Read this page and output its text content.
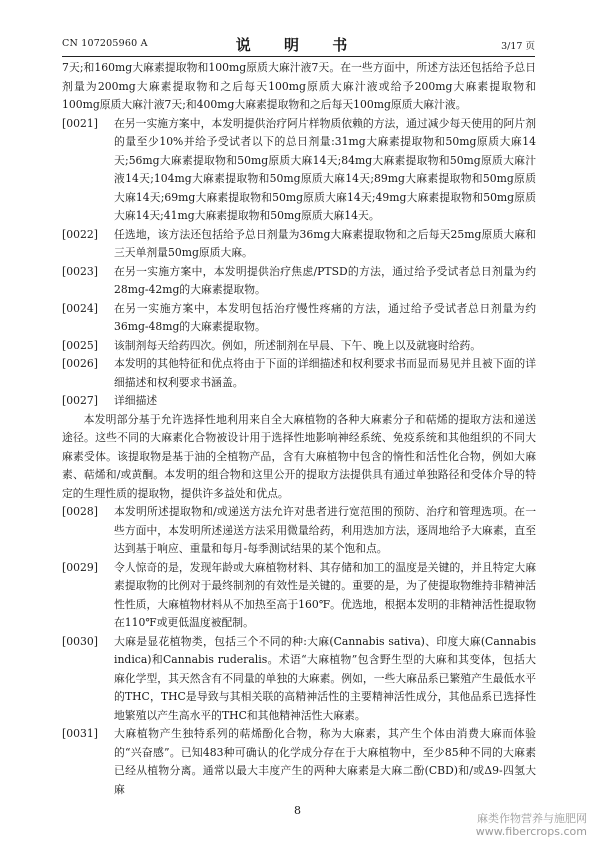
CN 107205960 A	说 明 书	3/17 页

7天;和160mg大麻素提取物和100mg原质大麻汁液7天。在一些方面中，所述方法还包括给予总日剂量为200mg大麻素提取物和之后每天100mg原质大麻汁液或给予200mg大麻素提取物和100mg原质大麻汁液7天;和400mg大麻素提取物和之后每天100mg原质大麻汁液。

[0021]	在另一实施方案中，本发明提供治疗阿片样物质依赖的方法，通过减少每天使用的阿片剂的量至少10%并给予受试者以下的总日剂量:31mg大麻素提取物和50mg原质大麻14天;56mg大麻素提取物和50mg原质大麻14天;84mg大麻素提取物和50mg原质大麻汁液14天;104mg大麻素提取物和50mg原质大麻14天;89mg大麻素提取物和50mg原质大麻14天;69mg大麻素提取物和50mg原质大麻14天;49mg大麻素提取物和50mg原质大麻14天;41mg大麻素提取物和50mg原质大麻14天。

[0022]	任选地，该方法还包括给予总日剂量为36mg大麻素提取物和之后每天25mg原质大麻和三天单剂量50mg原质大麻。

[0023]	在另一实施方案中，本发明提供治疗焦虑/PTSD的方法，通过给予受试者总日剂量为约28mg-42mg的大麻素提取物。

[0024]	在另一实施方案中，本发明包括治疗慢性疼痛的方法，通过给予受试者总日剂量为约36mg-48mg的大麻素提取物。

[0025]	该制剂每天给药四次。例如，所述制剂在早晨、下午、晚上以及就寝时给药。

[0026]	本发明的其他特征和优点将由于下面的详细描述和权利要求书而显而易见并且被下面的详细描述和权利要求书涵盖。

[0027]	详细描述

本发明部分基于允许选择性地利用来自全大麻植物的各种大麻素分子和萜烯的提取方法和递送途径。这些不同的大麻素化合物被设计用于选择性地影响神经系统、免疫系统和其他组织的不同大麻素受体。该提取物是基于油的全植物产品，含有大麻植物中包含的惰性和活性化合物，例如大麻素、萜烯和/或黄酮。本发明的组合物和这里公开的提取方法提供具有通过单独路径和受体介导的特定的生理性质的提取物，提供许多益处和优点。

[0028]	本发明所述提取物和/或递送方法允许对患者进行宽范围的预防、治疗和管理选项。在一些方面中，本发明所述递送方法采用微量给药，利用迭加方法，逐周地给予大麻素，直至达到基于响应、重量和每月-每季测试结果的某个饱和点。

[0029]	令人惊奇的是，发现年龄或大麻植物材料、其存储和加工的温度是关键的，并且特定大麻素提取物的比例对于最终制剂的有效性是关键的。重要的是，为了使提取物维持非精神活性性质，大麻植物材料从不加热至高于160℉。优选地，根据本发明的非精神活性提取物在110℉或更低温度被配制。

[0030]	大麻是显花植物类，包括三个不同的种:大麻(Cannabis sativa)、印度大麻(Cannabis indica)和Cannabis ruderalis。术语“大麻植物”包含野生型的大麻和其变体，包括大麻化学型，其天然含有不同量的单独的大麻素。例如，一些大麻品系已繁殖产生最低水平的THC，THC是导致与其相关联的高精神活性的主要精神活性成分，其他品系已选择性地繁殖以产生高水平的THC和其他精神活性大麻素。

[0031]	大麻植物产生独特系列的萜烯酚化合物，称为大麻素，其产生个体由消费大麻而体验的“兴奋感”。已知483种可确认的化学成分存在于大麻植物中，至少85种不同的大麻素已经从植物分离。通常以最大丰度产生的两种大麻素是大麻二酚(CBD)和/或Δ9-四氢大麻

8
麻类作物营养与施肥网
www.fibercrops.com
